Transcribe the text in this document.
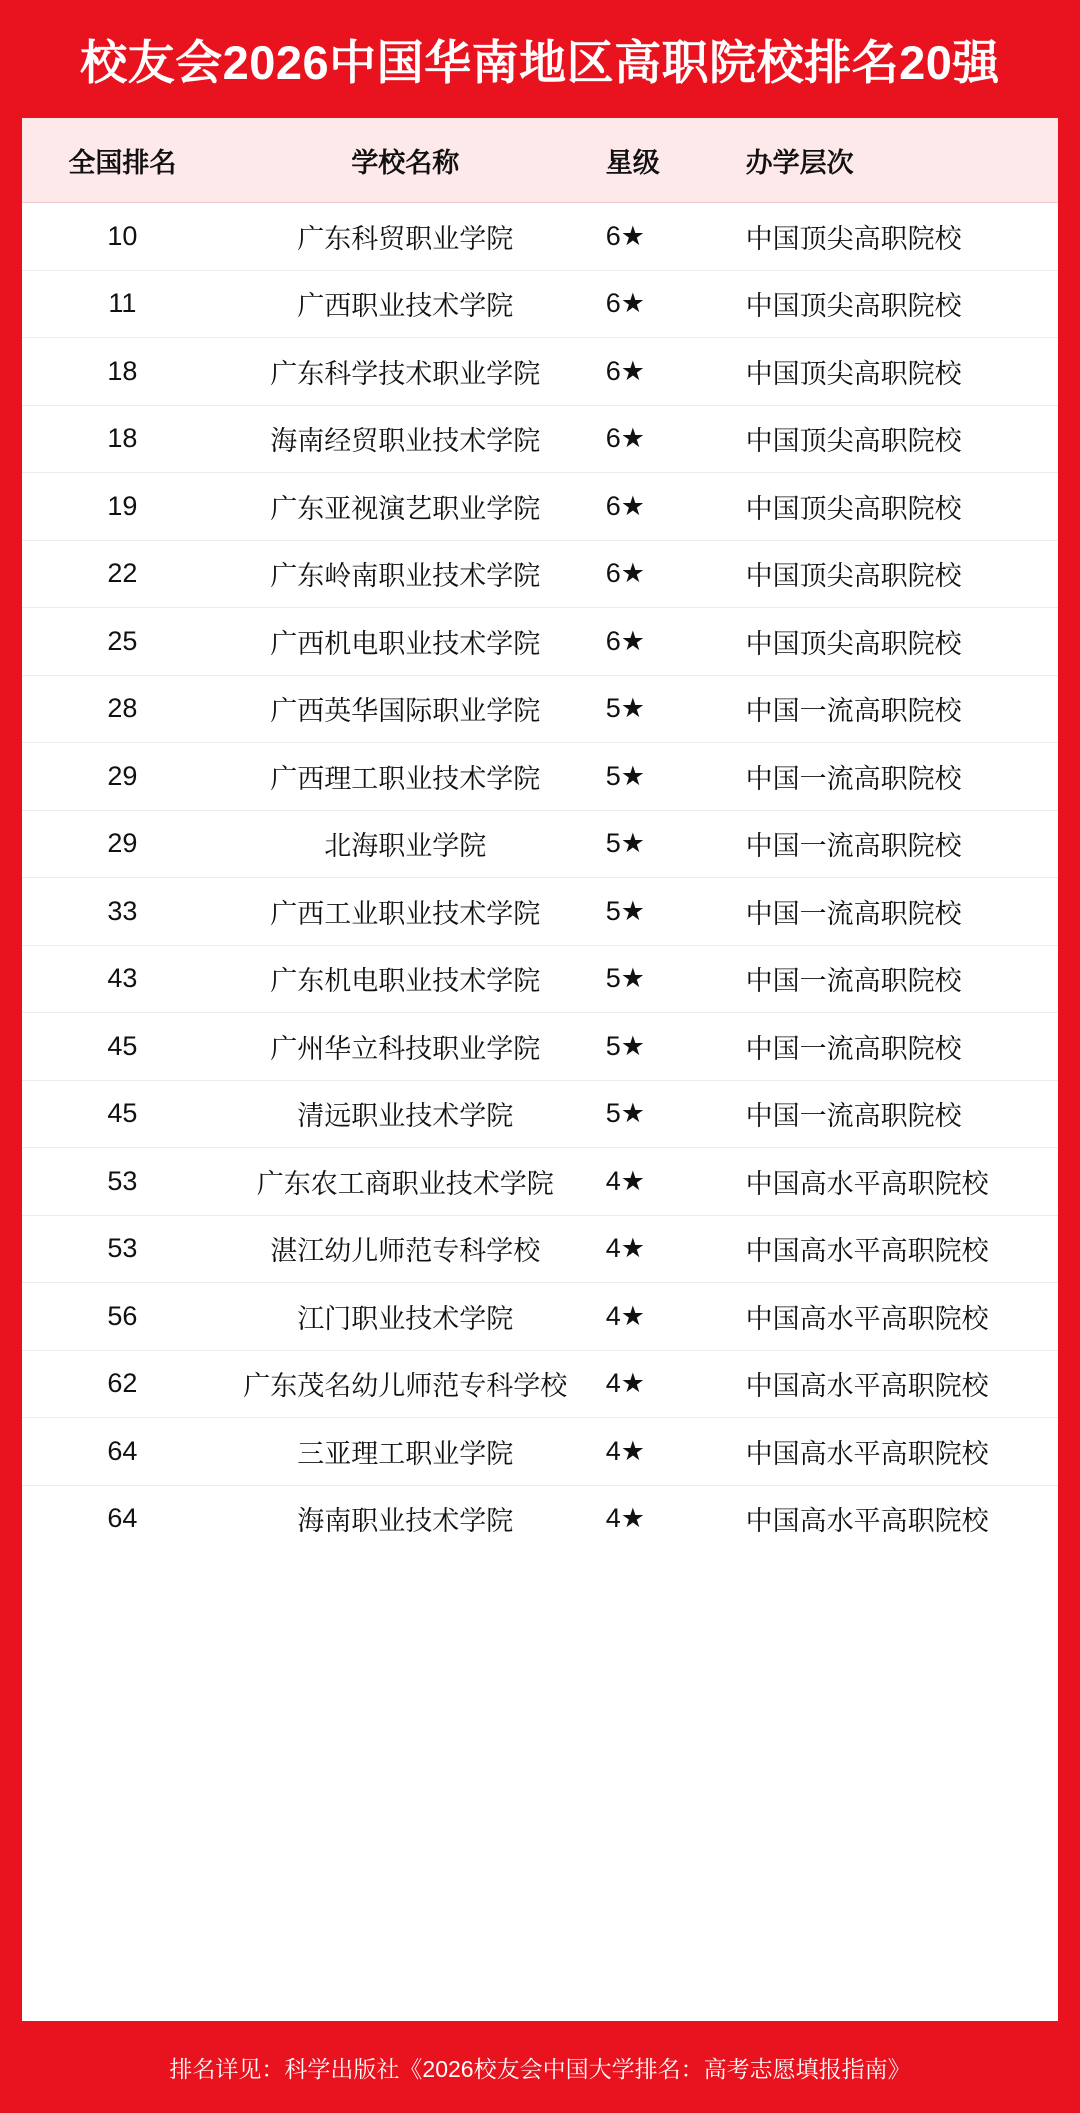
校友会2026中国华南地区高职院校排名20强
全国排名	学校名称	星级	办学层次
10	广东科贸职业学院	6★	中国顶尖高职院校
11	广西职业技术学院	6★	中国顶尖高职院校
18	广东科学技术职业学院	6★	中国顶尖高职院校
18	海南经贸职业技术学院	6★	中国顶尖高职院校
19	广东亚视演艺职业学院	6★	中国顶尖高职院校
22	广东岭南职业技术学院	6★	中国顶尖高职院校
25	广西机电职业技术学院	6★	中国顶尖高职院校
28	广西英华国际职业学院	5★	中国一流高职院校
29	广西理工职业技术学院	5★	中国一流高职院校
29	北海职业学院	5★	中国一流高职院校
33	广西工业职业技术学院	5★	中国一流高职院校
43	广东机电职业技术学院	5★	中国一流高职院校
45	广州华立科技职业学院	5★	中国一流高职院校
45	清远职业技术学院	5★	中国一流高职院校
53	广东农工商职业技术学院	4★	中国高水平高职院校
53	湛江幼儿师范专科学校	4★	中国高水平高职院校
56	江门职业技术学院	4★	中国高水平高职院校
62	广东茂名幼儿师范专科学校	4★	中国高水平高职院校
64	三亚理工职业学院	4★	中国高水平高职院校
64	海南职业技术学院	4★	中国高水平高职院校
排名详见：科学出版社《2026校友会中国大学排名：高考志愿填报指南》
